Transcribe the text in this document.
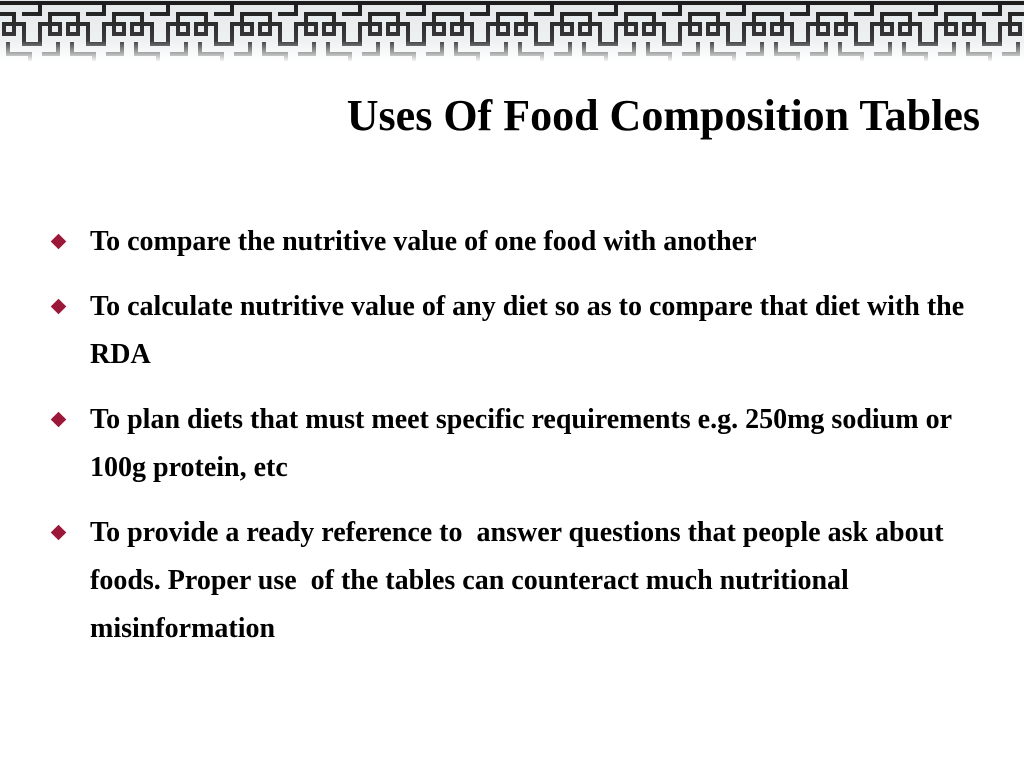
Uses Of Food Composition Tables
To compare the nutritive value of one food with another
To calculate nutritive value of any diet so as to compare that diet with the RDA
To plan diets that must meet specific requirements e.g. 250mg sodium or 100g protein, etc
To provide a ready reference to  answer questions that people ask about foods. Proper use  of the tables can counteract much nutritional misinformation
